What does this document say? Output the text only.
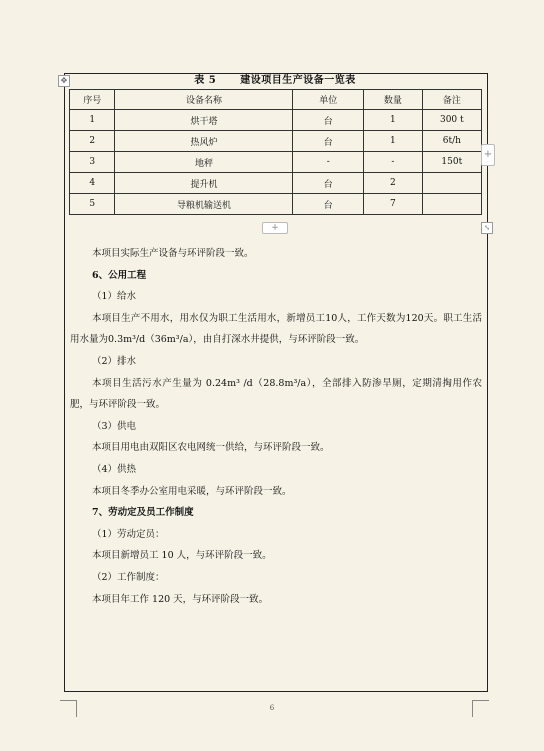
表 5 建设项目生产设备一览表
✥
序号	设备名称	单位	数量	备注
1	烘干塔	台	1	300 t
2	热风炉	台	1	6t/h
3	地秤	-	-	150t
4	提升机	台	2	
5	导粮机输送机	台	7	
+
+	⤡

本项目实际生产设备与环评阶段一致。

6、公用工程

（1）给水

本项目生产不用水，用水仅为职工生活用水，新增员工10人，工作天数为120天。职工生活用水量为0.3m³/d（36m³/a），由自打深水井提供，与环评阶段一致。

（2）排水

本项目生活污水产生量为 0.24m³ /d（28.8m³/a），全部排入防渗旱厕，定期清掏用作农肥，与环评阶段一致。

（3）供电

本项目用电由双阳区农电网统一供给，与环评阶段一致。

（4）供热

本项目冬季办公室用电采暖，与环评阶段一致。

7、劳动定及员工作制度

（1）劳动定员：

本项目新增员工 10 人，与环评阶段一致。

（2）工作制度：

本项目年工作 120 天，与环评阶段一致。

6
